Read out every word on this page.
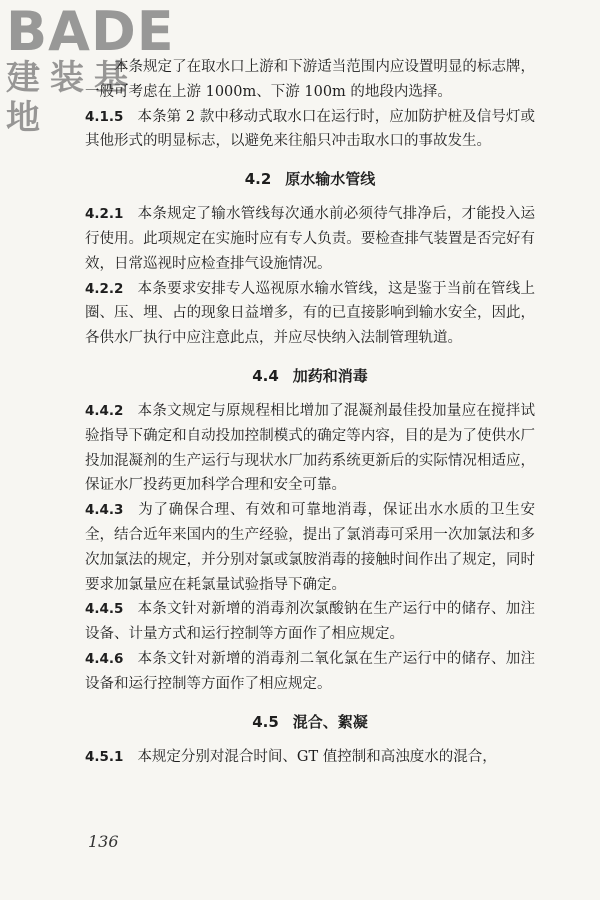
BADE
建装基地

本条规定了在取水口上游和下游适当范围内应设置明显的标志牌，一般可考虑在上游 1000m、下游 100m 的地段内选择。

4.1.5 本条第 2 款中移动式取水口在运行时，应加防护桩及信号灯或其他形式的明显标志，以避免来往船只冲击取水口的事故发生。

4.2 原水输水管线

4.2.1 本条规定了输水管线每次通水前必须待气排净后，才能投入运行使用。此项规定在实施时应有专人负责。要检查排气装置是否完好有效，日常巡视时应检查排气设施情况。

4.2.2 本条要求安排专人巡视原水输水管线，这是鉴于当前在管线上圈、压、埋、占的现象日益增多，有的已直接影响到输水安全，因此，各供水厂执行中应注意此点，并应尽快纳入法制管理轨道。

4.4 加药和消毒

4.4.2 本条文规定与原规程相比增加了混凝剂最佳投加量应在搅拌试验指导下确定和自动投加控制模式的确定等内容，目的是为了使供水厂投加混凝剂的生产运行与现状水厂加药系统更新后的实际情况相适应，保证水厂投药更加科学合理和安全可靠。

4.4.3 为了确保合理、有效和可靠地消毒，保证出水水质的卫生安全，结合近年来国内的生产经验，提出了氯消毒可采用一次加氯法和多次加氯法的规定，并分别对氯或氯胺消毒的接触时间作出了规定，同时要求加氯量应在耗氯量试验指导下确定。

4.4.5 本条文针对新增的消毒剂次氯酸钠在生产运行中的储存、加注设备、计量方式和运行控制等方面作了相应规定。

4.4.6 本条文针对新增的消毒剂二氧化氯在生产运行中的储存、加注设备和运行控制等方面作了相应规定。

4.5 混合、絮凝

4.5.1 本规定分别对混合时间、GT 值控制和高浊度水的混合，

136
